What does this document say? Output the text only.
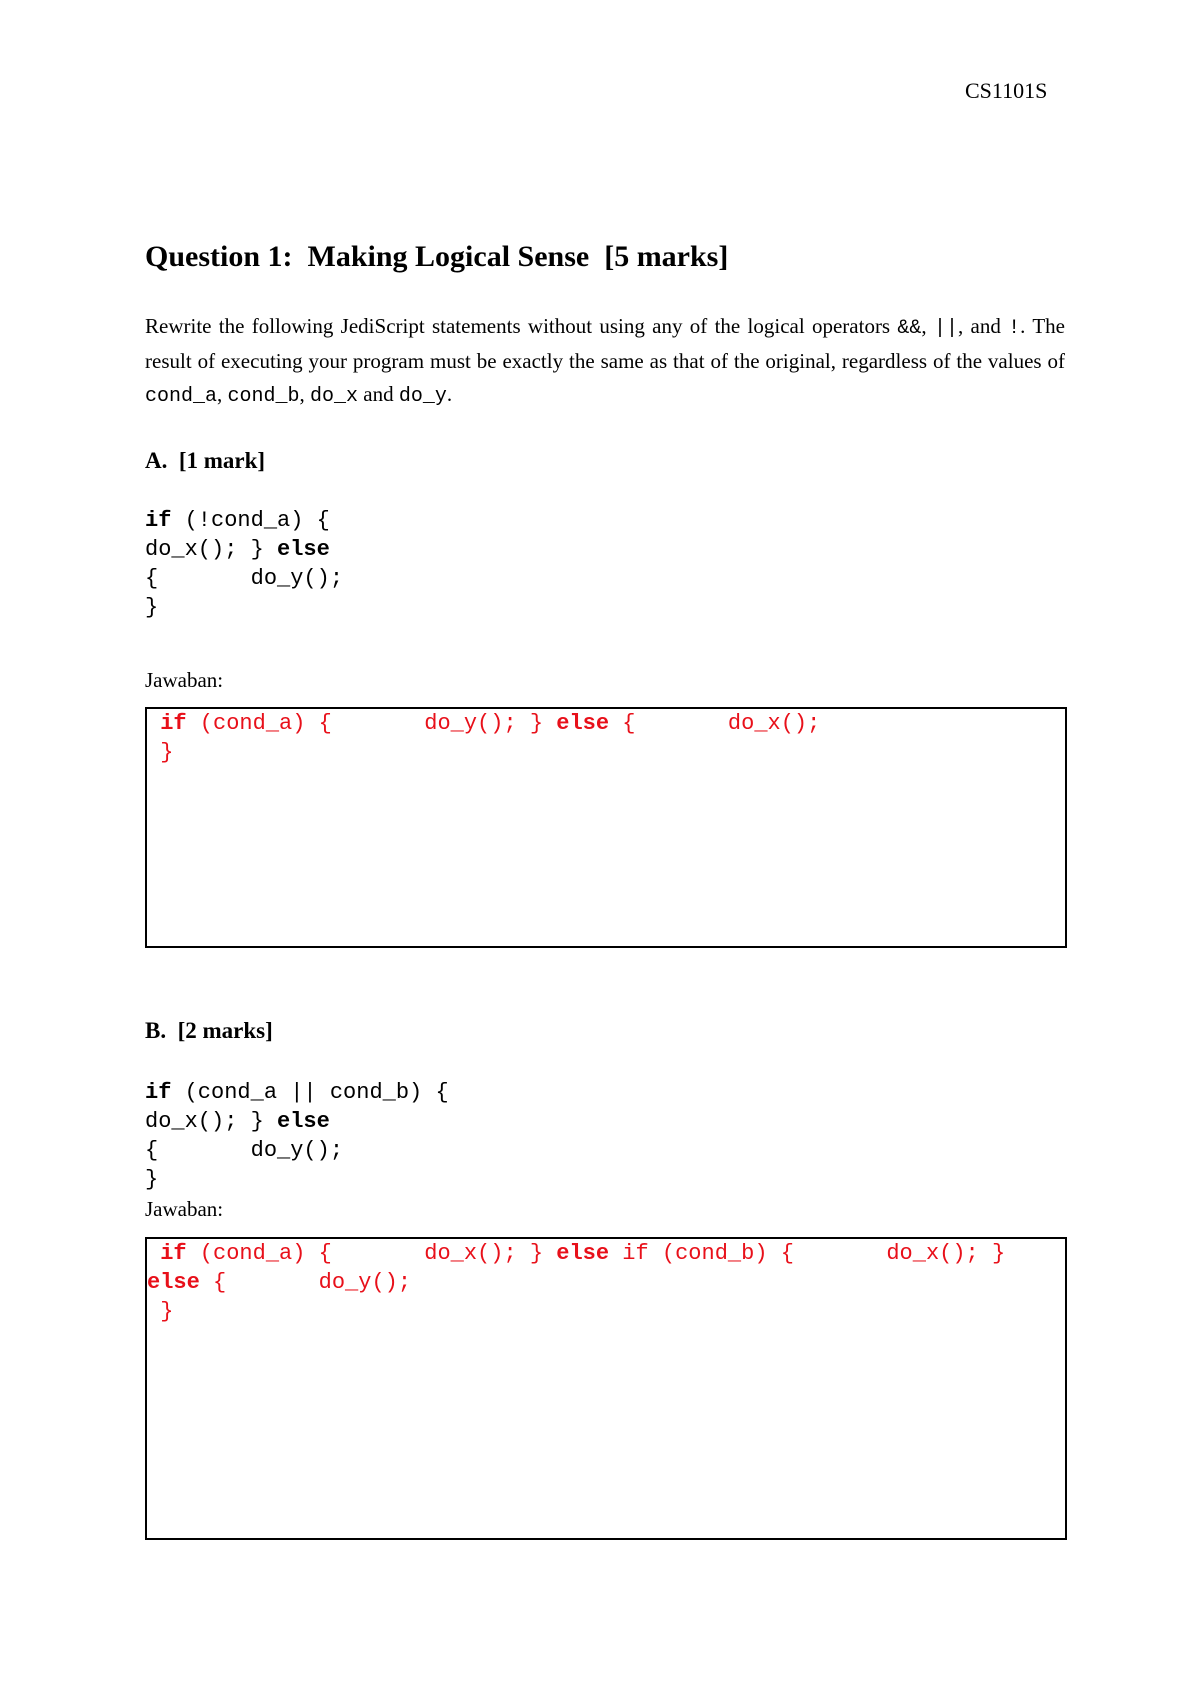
CS1101S
Question 1:  Making Logical Sense  [5 marks]
Rewrite the following JediScript statements without using any of the logical operators &&, ||, and !. The result of executing your program must be exactly the same as that of the original, regardless of the values of cond_a, cond_b, do_x and do_y.
A.  [1 mark]
if (!cond_a) {
do_x(); } else
{       do_y();
}
Jawaban:
if (cond_a) {       do_y(); } else {       do_x();
}
B.  [2 marks]
if (cond_a || cond_b) {
do_x(); } else
{       do_y();
}
Jawaban:
if (cond_a) {       do_x(); } else if (cond_b) {       do_x(); }
else {       do_y();
}
